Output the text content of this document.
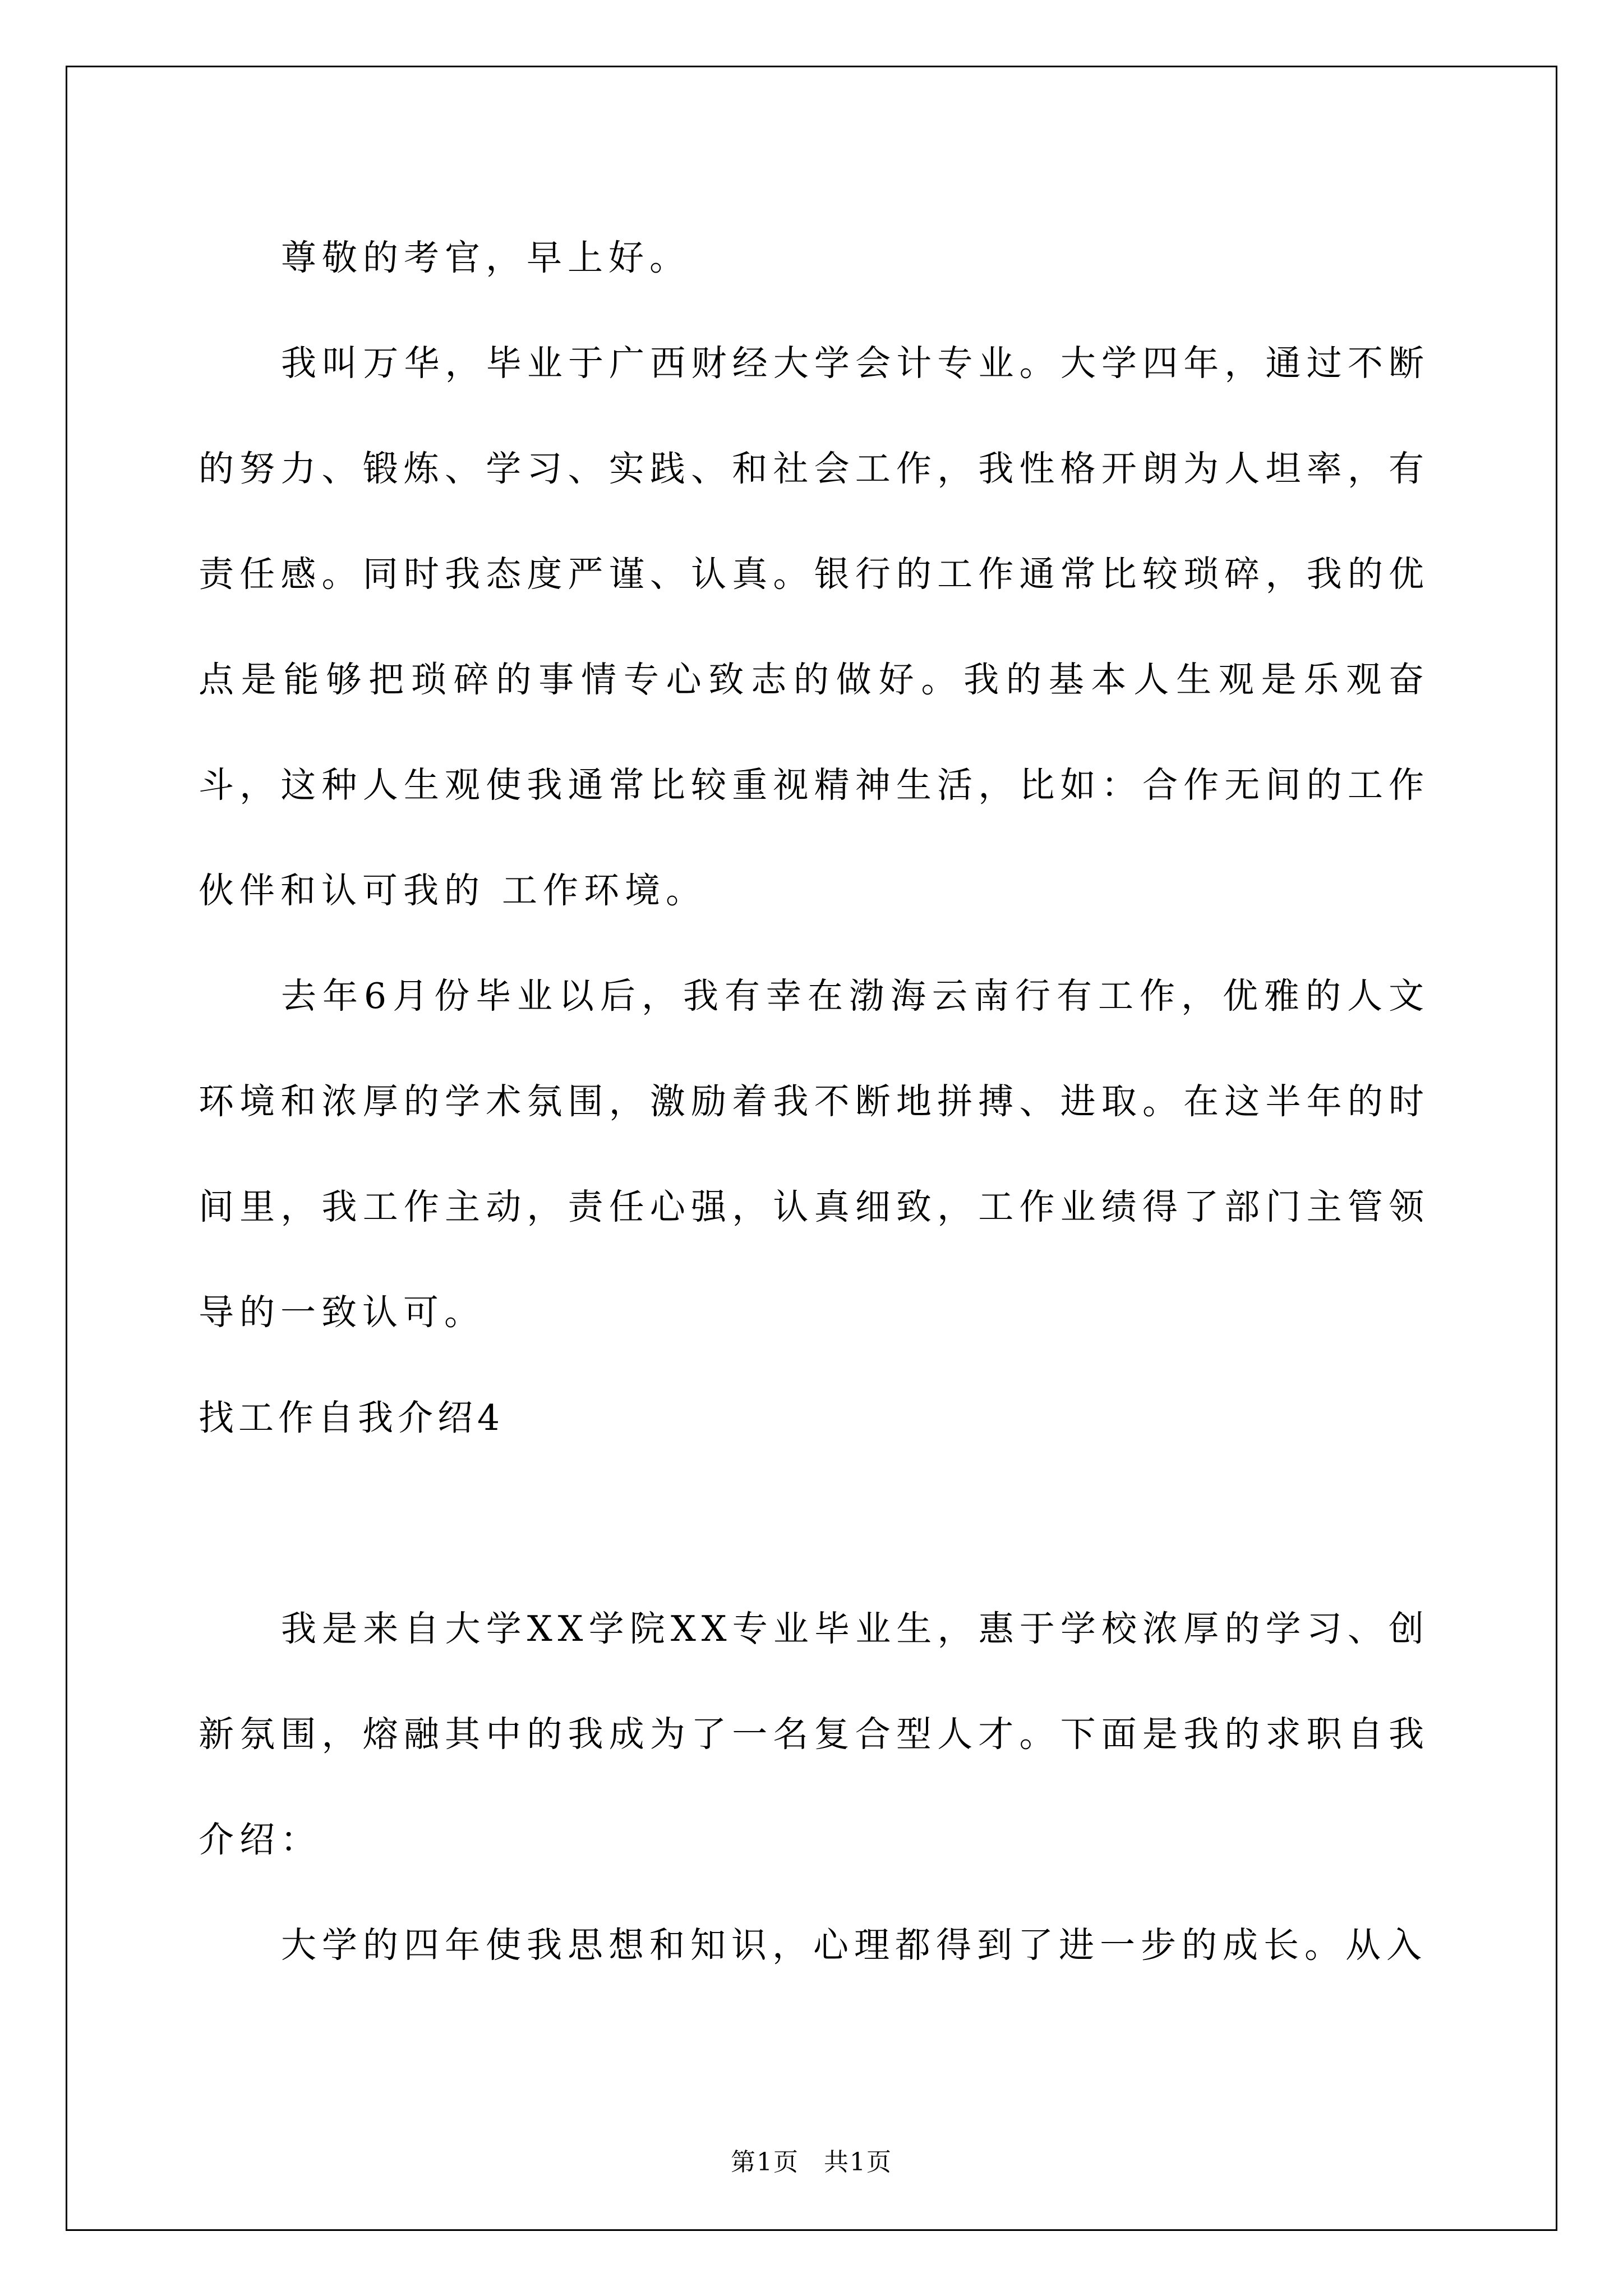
尊敬的考官，早上好。

我叫万华，毕业于广西财经大学会计专业。大学四年，通过不断的努力、锻炼、学习、实践、和社会工作，我性格开朗为人坦率，有责任感。同时我态度严谨、认真。银行的工作通常比较琐碎，我的优点是能够把琐碎的事情专心致志的做好。我的基本人生观是乐观奋斗，这种人生观使我通常比较重视精神生活，比如：合作无间的工作伙伴和认可我的 工作环境。

去年6月份毕业以后，我有幸在渤海云南行有工作，优雅的人文环境和浓厚的学术氛围，激励着我不断地拼搏、进取。在这半年的时间里，我工作主动，责任心强，认真细致，工作业绩得了部门主管领导的一致认可。

找工作自我介绍4

我是来自大学XX学院XX专业毕业生，惠于学校浓厚的学习、创新氛围，熔融其中的我成为了一名复合型人才。下面是我的求职自我介绍：

大学的四年使我思想和知识，心理都得到了进一步的成长。从入

第1页 共1页
